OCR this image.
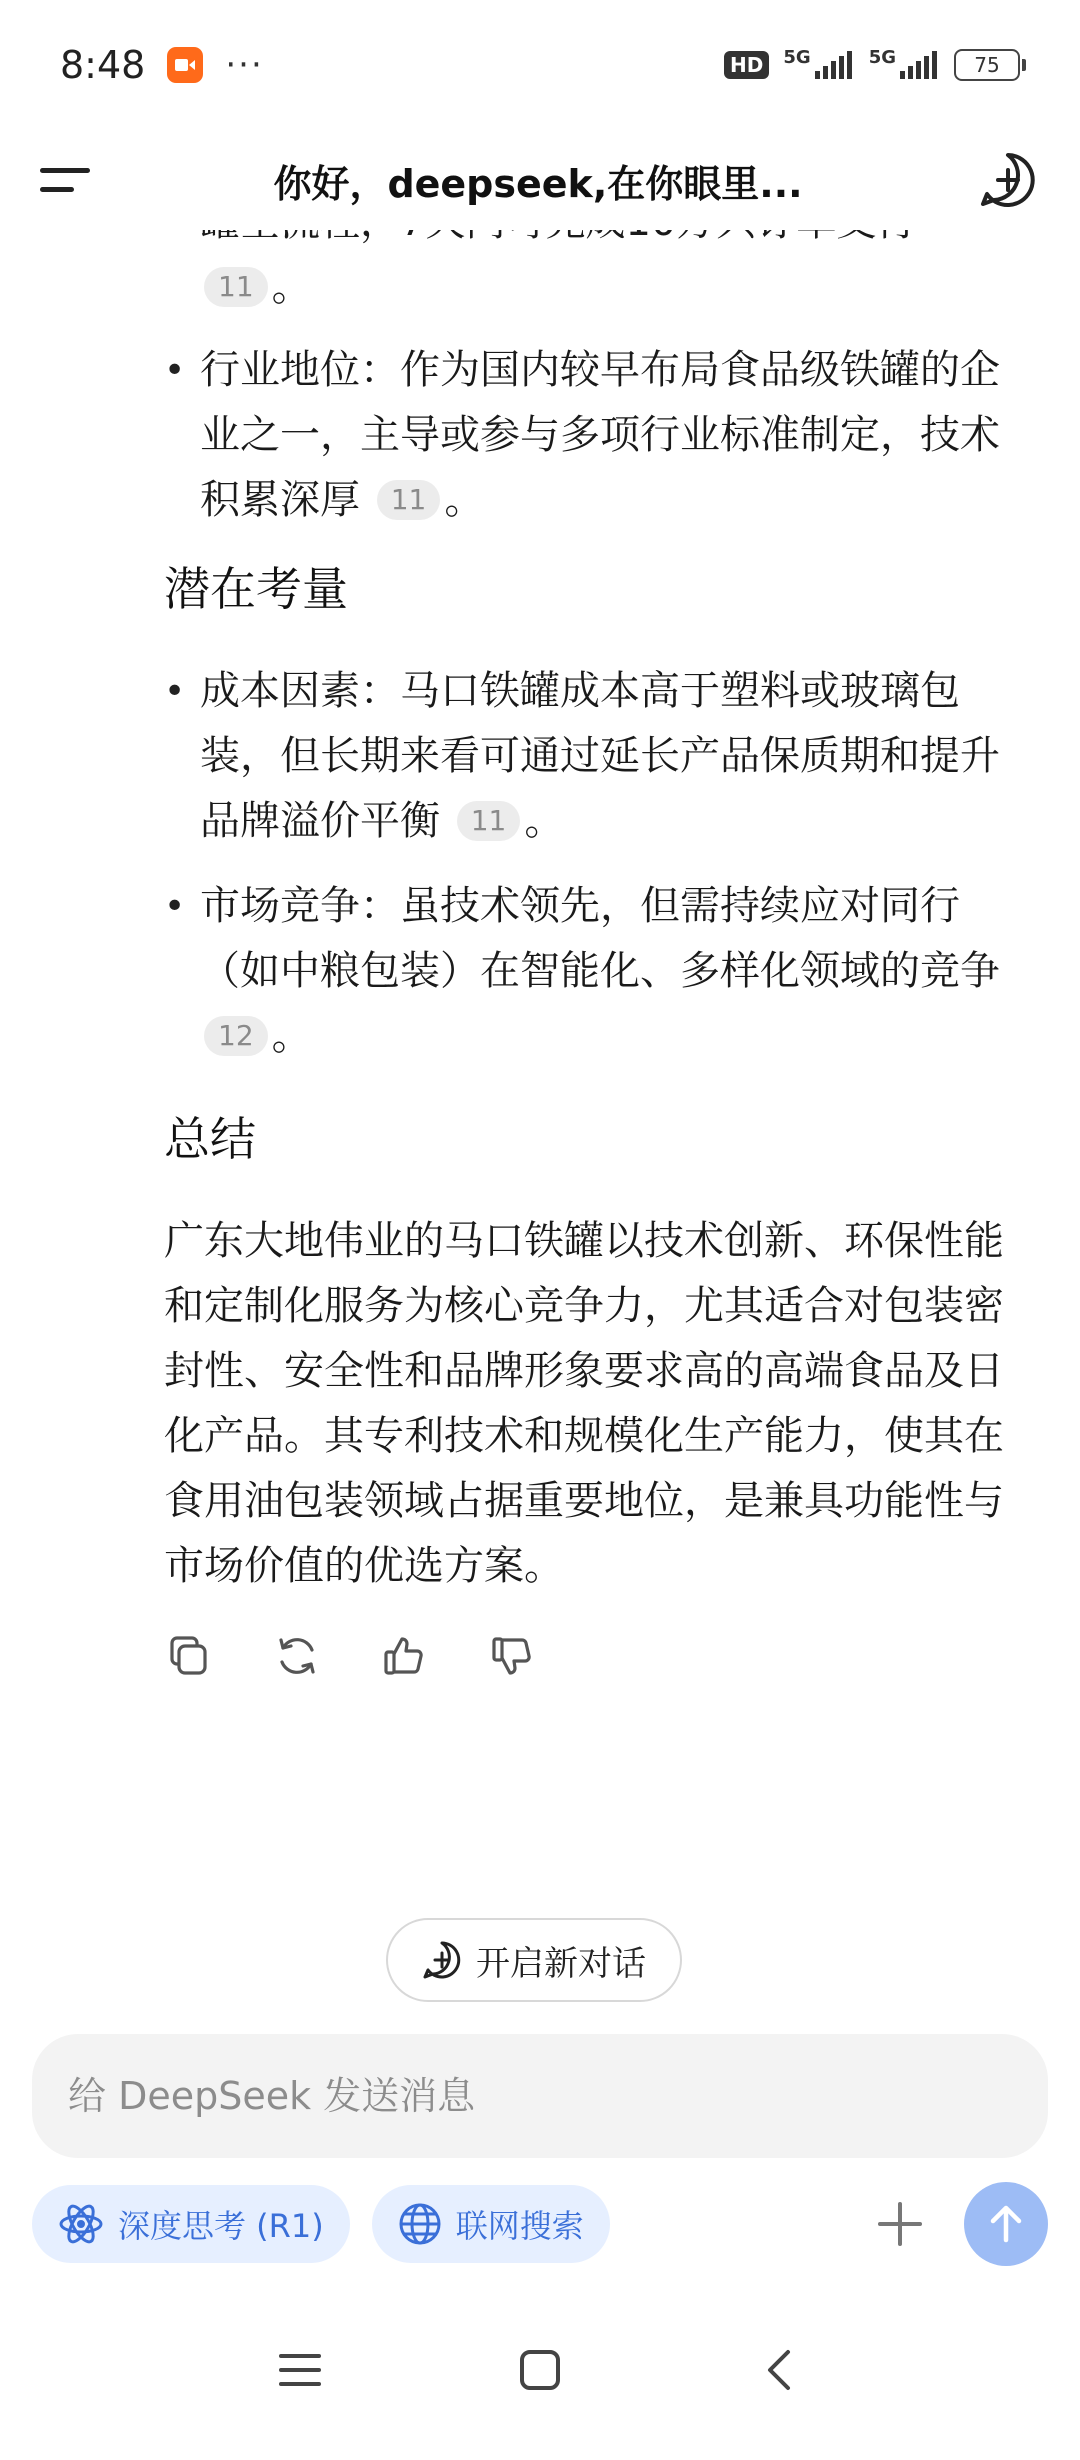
8:48 ···	HD	5G	5G	75

11 。

• 行业地位：作为国内较早布局食品级铁罐的企业之一，主导或参与多项行业标准制定，技术积累深厚 11 。
潜在考量
• 成本因素：马口铁罐成本高于塑料或玻璃包装，但长期来看可通过延长产品保质期和提升品牌溢价平衡 11 。
• 市场竞争：虽技术领先，但需持续应对同行（如中粮包装）在智能化、多样化领域的竞争 12 。
总结

广东大地伟业的马口铁罐以技术创新、环保性能和定制化服务为核心竞争力，尤其适合对包装密封性、安全性和品牌形象要求高的高端食品及日化产品。其专利技术和规模化生产能力，使其在食用油包装领域占据重要地位，是兼具功能性与市场价值的优选方案。

你好，deepseek,在你眼里...
开启新对话
给 DeepSeek 发送消息
深度思考 (R1)	联网搜索
